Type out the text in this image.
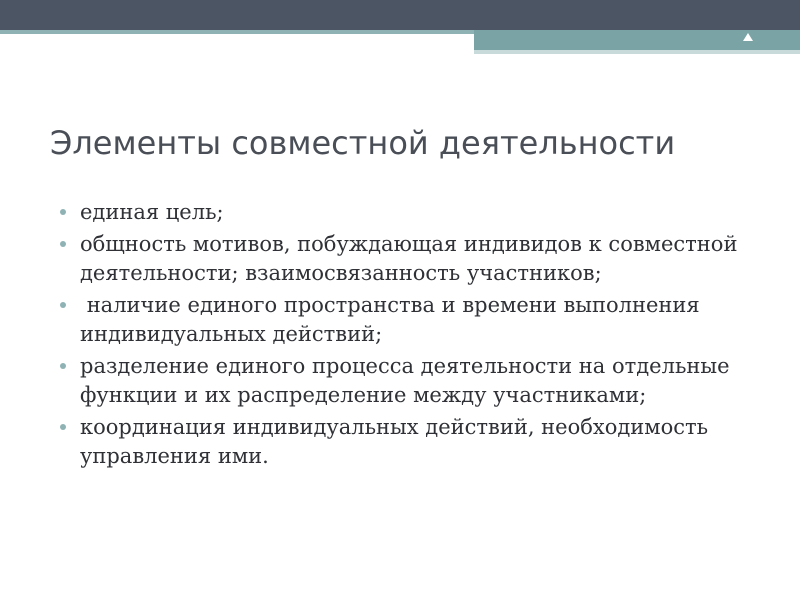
Элементы совместной деятельности
единая цель;
общность мотивов, побуждающая индивидов к совместной деятельности; взаимосвязанность участников;
наличие единого пространства и времени выполнения индивидуальных действий;
разделение единого процесса деятельности на отдельные функции и их распределение между участниками;
координация индивидуальных действий, необходимость управления ими.
